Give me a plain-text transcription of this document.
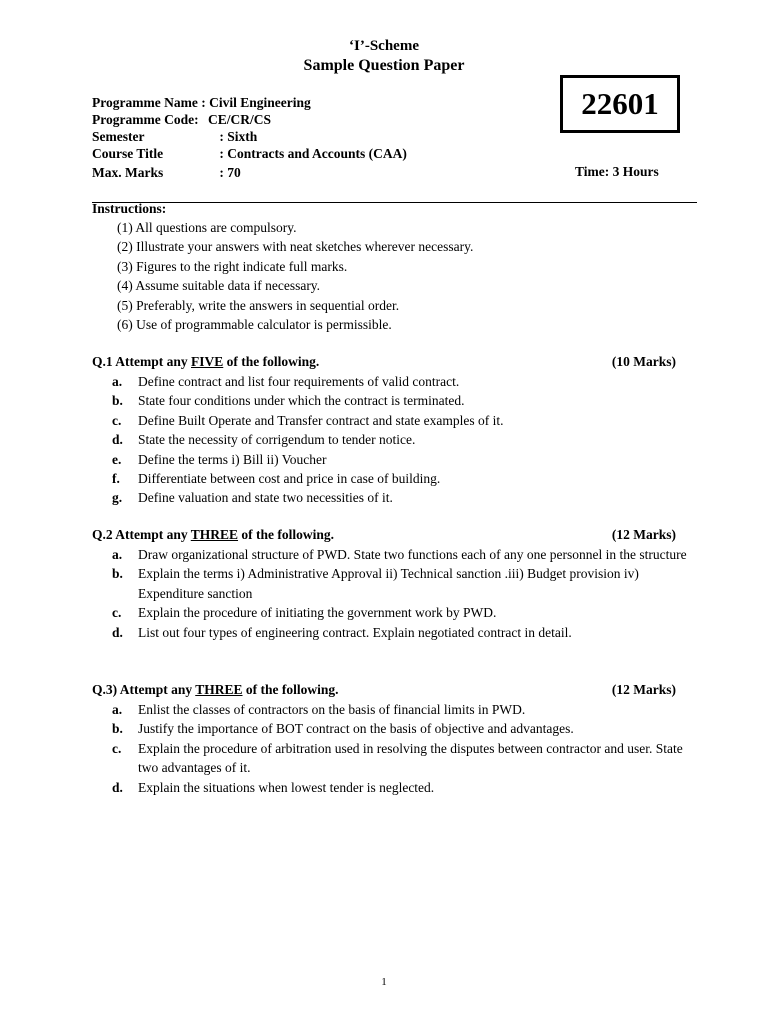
‘I’-Scheme
Sample Question Paper
22601
Programme Name : Civil Engineering
Programme Code: CE/CR/CS
Semester	: Sixth
Course Title	: Contracts and Accounts (CAA)
Max. Marks	: 70	Time: 3 Hours
Instructions:
(1) All questions are compulsory.
(2) Illustrate your answers with neat sketches wherever necessary.
(3) Figures to the right indicate full marks.
(4) Assume suitable data if necessary.
(5) Preferably, write the answers in sequential order.
(6) Use of programmable calculator is permissible.
Q.1 Attempt any FIVE of the following.	(10 Marks)
a.	Define contract and list four requirements of valid contract.
b.	State four conditions under which the contract is terminated.
c.	Define Built Operate and Transfer contract and state examples of it.
d.	State the necessity of corrigendum to tender notice.
e.	Define the terms i) Bill ii) Voucher
f.	Differentiate between cost and price in case of building.
g.	Define valuation and state two necessities of it.
Q.2 Attempt any THREE of the following.	(12 Marks)
a.	Draw organizational structure of PWD. State two functions each of any one personnel in the structure
b.	Explain the terms i) Administrative Approval ii) Technical sanction .iii) Budget provision iv) Expenditure sanction
c.	Explain the procedure of initiating the government work by PWD.
d.	List out four types of engineering contract. Explain negotiated contract in detail.
Q.3) Attempt any THREE of the following.	(12 Marks)
a.	Enlist the classes of contractors on the basis of financial limits in PWD.
b.	Justify the importance of BOT contract on the basis of objective and advantages.
c.	Explain the procedure of arbitration used in resolving the disputes between contractor and user. State two advantages of it.
d.	Explain the situations when lowest tender is neglected.
1
